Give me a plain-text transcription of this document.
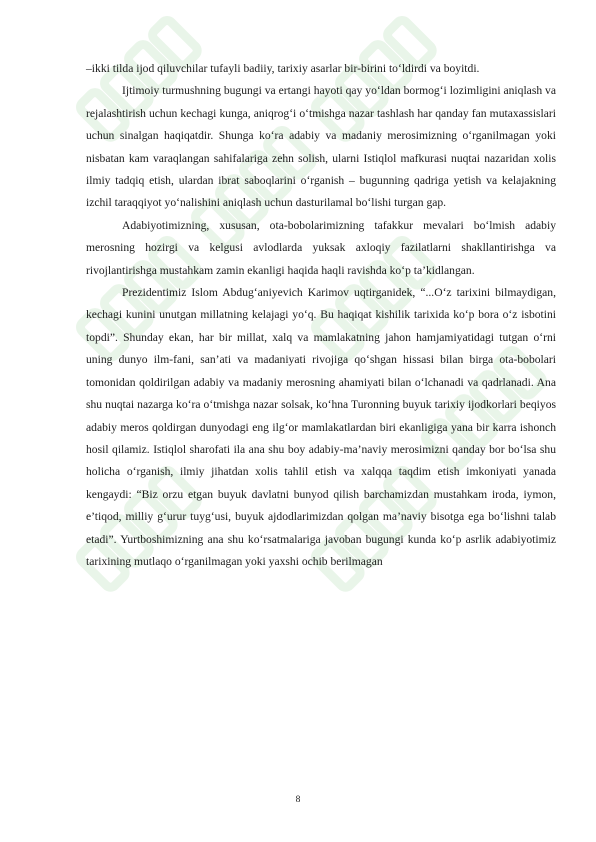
–ikki tilda ijod qiluvchilar tufayli badiiy, tarixiy asarlar bir-birini to‘ldirdi va boyitdi.

Ijtimoiy turmushning bugungi va ertangi hayoti qay yo‘ldan bormog‘i lozimligini aniqlash va rejalashtirish uchun kechagi kunga, aniqrog‘i o‘tmishga nazar tashlash har qanday fan mutaxassislari uchun sinalgan haqiqatdir. Shunga ko‘ra adabiy va madaniy merosimizning o‘rganilmagan yoki nisbatan kam varaqlangan sahifalariga zehn solish, ularni Istiqlol mafkurasi nuqtai nazaridan xolis ilmiy tadqiq etish, ulardan ibrat saboqlarini o‘rganish – bugunning qadriga yetish va kelajakning izchil taraqqiyot yo‘nalishini aniqlash uchun dasturilamal bo‘lishi turgan gap.

Adabiyotimizning, xususan, ota-bobolarimizning tafakkur mevalari bo‘lmish adabiy merosning hozirgi va kelgusi avlodlarda yuksak axloqiy fazilatlarni shakllantirishga va rivojlantirishga mustahkam zamin ekanligi haqida haqli ravishda ko‘p ta’kidlangan.

Prezidentimiz Islom Abdug‘aniyevich Karimov uqtirganidek, “...O‘z tarixini bilmaydigan, kechagi kunini unutgan millatning kelajagi yo‘q. Bu haqiqat kishilik tarixida ko‘p bora o‘z isbotini topdi”. Shunday ekan, har bir millat, xalq va mamlakatning jahon hamjamiyatidagi tutgan o‘rni uning dunyo ilm-fani, san’ati va madaniyati rivojiga qo‘shgan hissasi bilan birga ota-bobolari tomonidan qoldirilgan adabiy va madaniy merosning ahamiyati bilan o‘lchanadi va qadrlanadi. Ana shu nuqtai nazarga ko‘ra o‘tmishga nazar solsak, ko‘hna Turonning buyuk tarixiy ijodkorlari beqiyos adabiy meros qoldirgan dunyodagi eng ilg‘or mamlakatlardan biri ekanligiga yana bir karra ishonch hosil qilamiz. Istiqlol sharofati ila ana shu boy adabiy-ma’naviy merosimizni qanday bor bo‘lsa shu holicha o‘rganish, ilmiy jihatdan xolis tahlil etish va xalqqa taqdim etish imkoniyati yanada kengaydi: “Biz orzu etgan buyuk davlatni bunyod qilish barchamizdan mustahkam iroda, iymon, e’tiqod, milliy g‘urur tuyg‘usi, buyuk ajdodlarimizdan qolgan ma’naviy bisotga ega bo‘lishni talab etadi”. Yurtboshimizning ana shu ko‘rsatmalariga javoban bugungi kunda ko‘p asrlik adabiyotimiz tarixining mutlaqo o‘rganilmagan yoki yaxshi ochib berilmagan

8
